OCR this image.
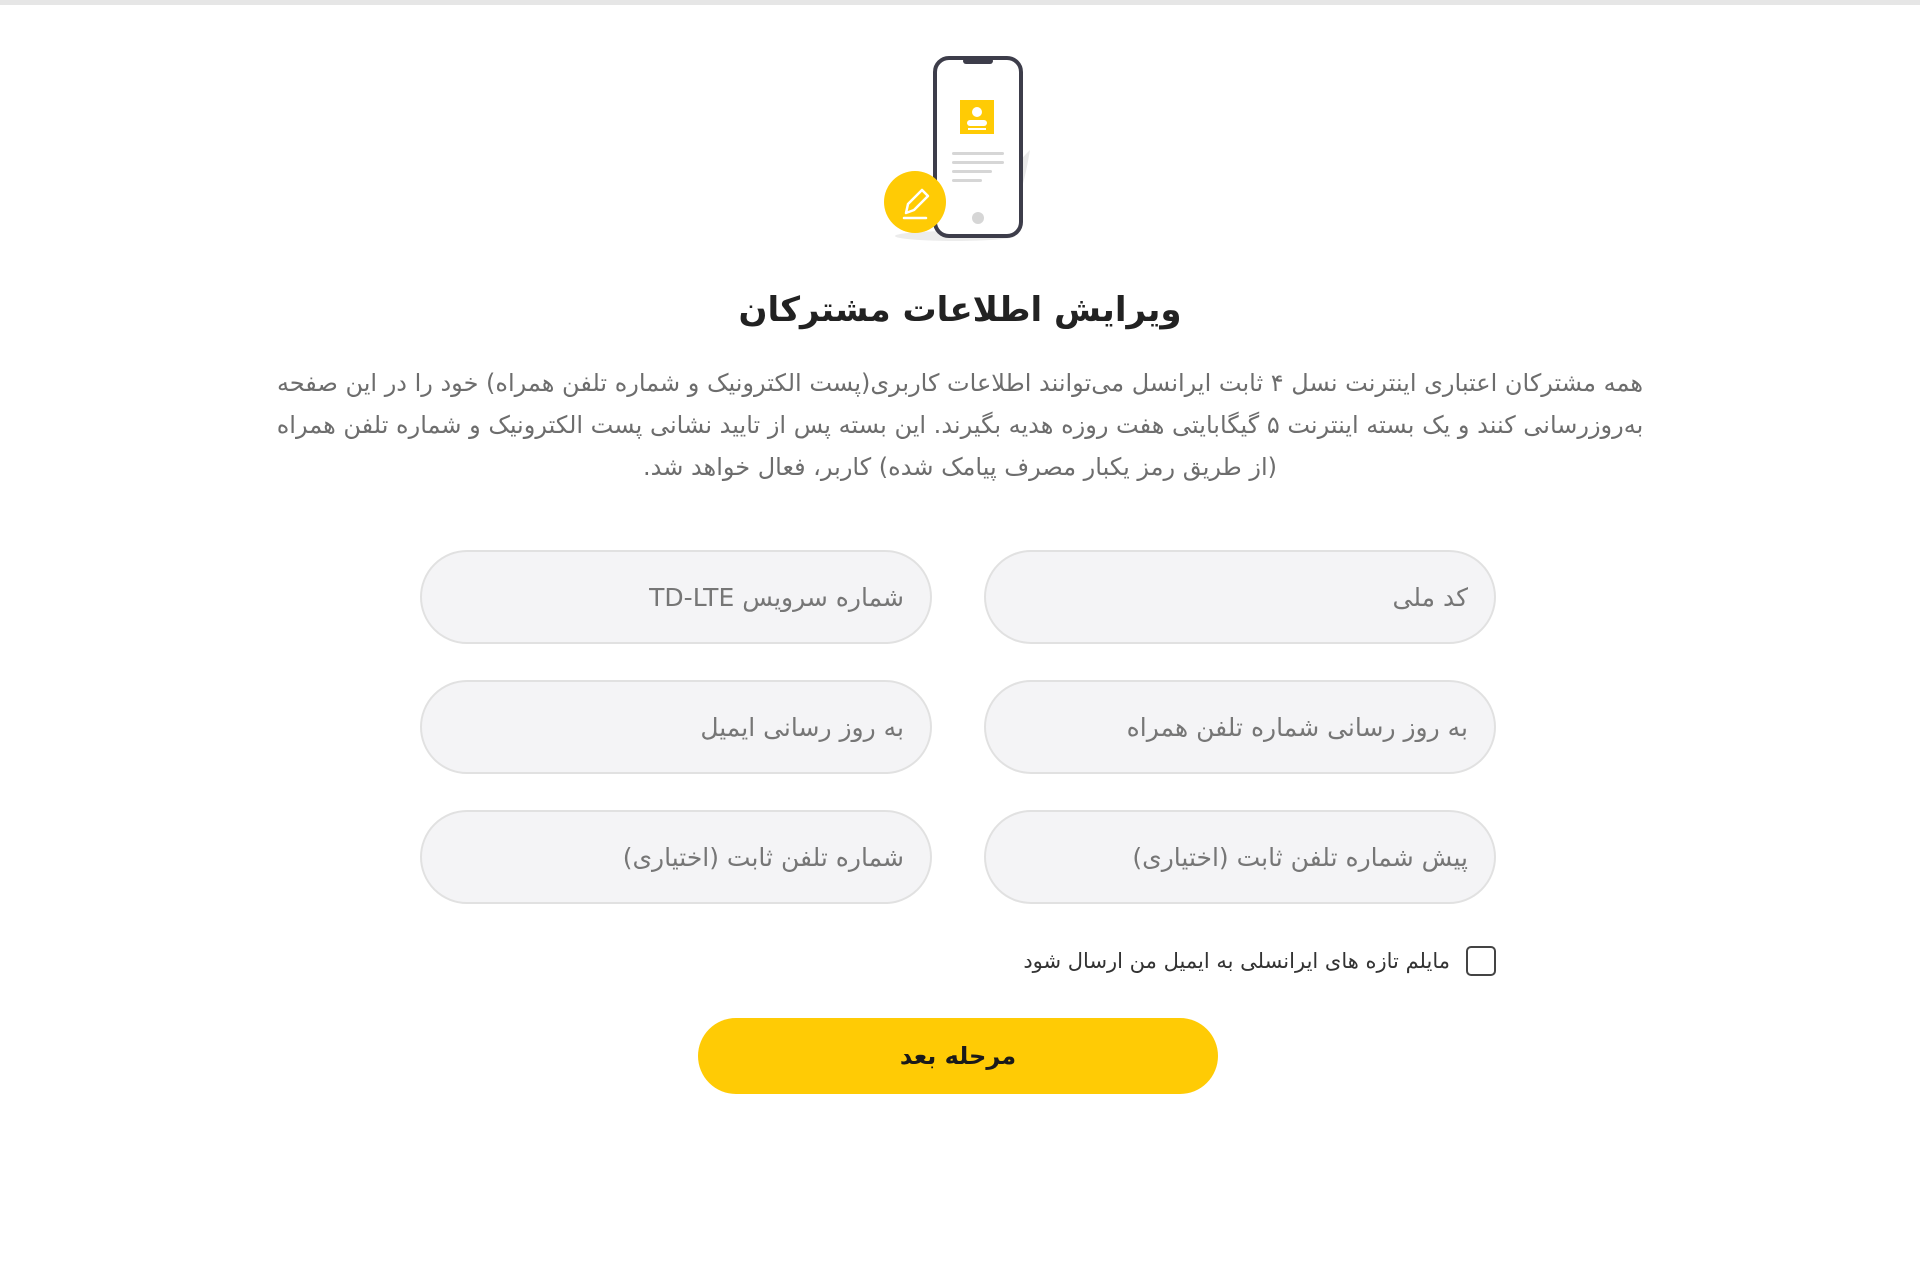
ویرایش اطلاعات مشترکان

همه مشترکان اعتباری اینترنت نسل ۴ ثابت ایرانسل می‌توانند اطلاعات کاربری(پست الکترونیک و شماره تلفن همراه) خود را در این صفحه به‌روزرسانی کنند و یک بسته اینترنت ۵ گیگابایتی هفت روزه هدیه بگیرند. این بسته پس از تایید نشانی پست الکترونیک و شماره تلفن همراه (از طریق رمز یکبار مصرف پیامک شده) کاربر، فعال خواهد شد.

کد ملی
شماره سرویس TD-LTE
به روز رسانی شماره تلفن همراه
به روز رسانی ایمیل
پیش شماره تلفن ثابت (اختیاری)
شماره تلفن ثابت (اختیاری)
مایلم تازه های ایرانسلی به ایمیل من ارسال شود
مرحله بعد
